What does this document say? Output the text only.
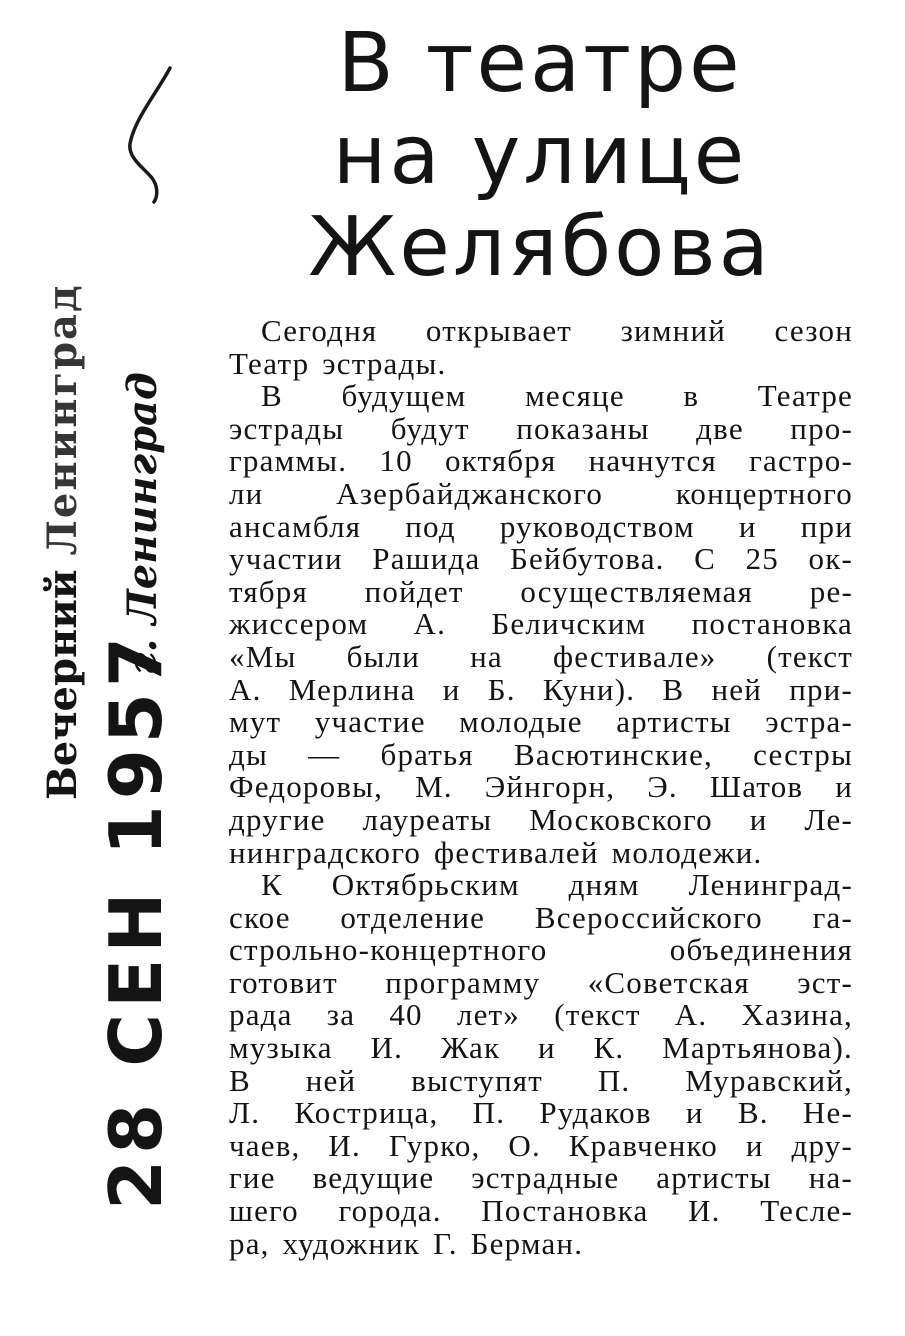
В театре
на улице
Желябова
Вечерний Ленинград г. Ленинград
28 СЕН 1957
Сегодня открывает зимний сезон
Театр эстрады.
В будущем месяце в Театре
эстрады будут показаны две про-
граммы. 10 октября начнутся гастро-
ли Азербайджанского концертного
ансамбля под руководством и при
участии Рашида Бейбутова. С 25 ок-
тября пойдет осуществляемая ре-
жиссером А. Беличским постановка
«Мы были на фестивале» (текст
А. Мерлина и Б. Куни). В ней при-
мут участие молодые артисты эстра-
ды — братья Васютинские, сестры
Федоровы, М. Эйнгорн, Э. Шатов и
другие лауреаты Московского и Ле-
нинградского фестивалей молодежи.
К Октябрьским дням Ленинград-
ское отделение Всероссийского га-
строльно-концертного объединения
готовит программу «Советская эст-
рада за 40 лет» (текст А. Хазина,
музыка И. Жак и К. Мартьянова).
В ней выступят П. Муравский,
Л. Кострица, П. Рудаков и В. Не-
чаев, И. Гурко, О. Кравченко и дру-
гие ведущие эстрадные артисты на-
шего города. Постановка И. Тесле-
ра, художник Г. Берман.
